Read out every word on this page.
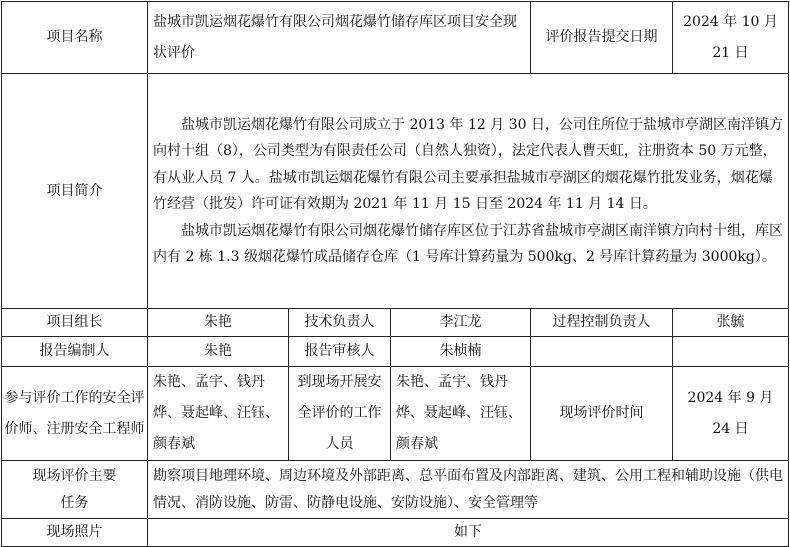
项目名称	盐城市凯运烟花爆竹有限公司烟花爆竹储存库区项目安全现状评价			评价报告提交日期	2024 年 10 月 21 日
项目简介	盐城市凯运烟花爆竹有限公司成立于 2013 年 12 月 30 日，公司住所位于盐城市亭湖区南洋镇方向村十组（8），公司类型为有限责任公司（自然人独资），法定代表人曹天虹，注册资本 50 万元整，有从业人员 7 人。盐城市凯运烟花爆竹有限公司主要承担盐城市亭湖区的烟花爆竹批发业务，烟花爆竹经营（批发）许可证有效期为 2021 年 11 月 15 日至 2024 年 11 月 14 日。
盐城市凯运烟花爆竹有限公司烟花爆竹储存库区位于江苏省盐城市亭湖区南洋镇方向村十组，库区内有 2 栋 1.3 级烟花爆竹成品储存仓库（1 号库计算药量为 500kg、2 号库计算药量为 3000kg）。				

项目组长	朱艳	技术负责人	李江龙	过程控制负责人	张毓
报告编制人	朱艳	报告审核人	朱桢楠		
参与评价工作的安全评价师、注册安全工程师	朱艳、孟宇、钱丹烨、聂起峰、汪钰、颜春斌	到现场开展安全评价的工作人员	朱艳、孟宇、钱丹烨、聂起峰、汪钰、颜春斌	现场评价时间	2024 年 9 月 24 日
现场评价主要任务	勘察项目地理环境、周边环境及外部距离、总平面布置及内部距离、建筑、公用工程和辅助设施（供电情况、消防设施、防雷、防静电设施、安防设施）、安全管理等				
现场照片	如下				
